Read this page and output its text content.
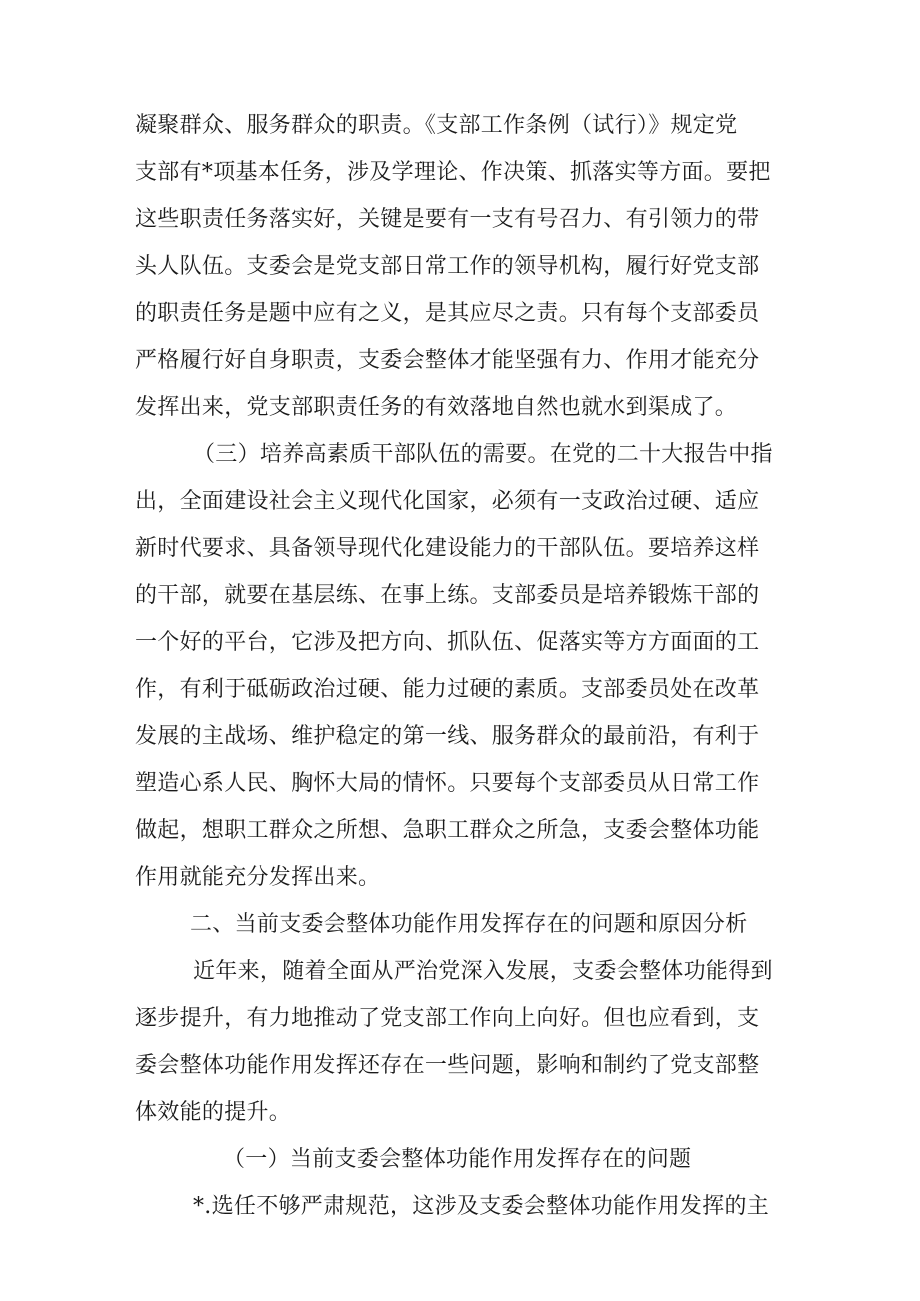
凝聚群众、服务群众的职责。《支部工作条例（试行）》规定党
支部有*项基本任务，涉及学理论、作决策、抓落实等方面。要把
这些职责任务落实好，关键是要有一支有号召力、有引领力的带
头人队伍。支委会是党支部日常工作的领导机构，履行好党支部
的职责任务是题中应有之义，是其应尽之责。只有每个支部委员
严格履行好自身职责，支委会整体才能坚强有力、作用才能充分
发挥出来，党支部职责任务的有效落地自然也就水到渠成了。
（三）培养高素质干部队伍的需要。在党的二十大报告中指
出，全面建设社会主义现代化国家，必须有一支政治过硬、适应
新时代要求、具备领导现代化建设能力的干部队伍。要培养这样
的干部，就要在基层练、在事上练。支部委员是培养锻炼干部的
一个好的平台，它涉及把方向、抓队伍、促落实等方方面面的工
作，有利于砥砺政治过硬、能力过硬的素质。支部委员处在改革
发展的主战场、维护稳定的第一线、服务群众的最前沿，有利于
塑造心系人民、胸怀大局的情怀。只要每个支部委员从日常工作
做起，想职工群众之所想、急职工群众之所急，支委会整体功能
作用就能充分发挥出来。
二、当前支委会整体功能作用发挥存在的问题和原因分析
近年来，随着全面从严治党深入发展，支委会整体功能得到
逐步提升，有力地推动了党支部工作向上向好。但也应看到，支
委会整体功能作用发挥还存在一些问题，影响和制约了党支部整
体效能的提升。
（一）当前支委会整体功能作用发挥存在的问题
*.选任不够严肃规范，这涉及支委会整体功能作用发挥的主
